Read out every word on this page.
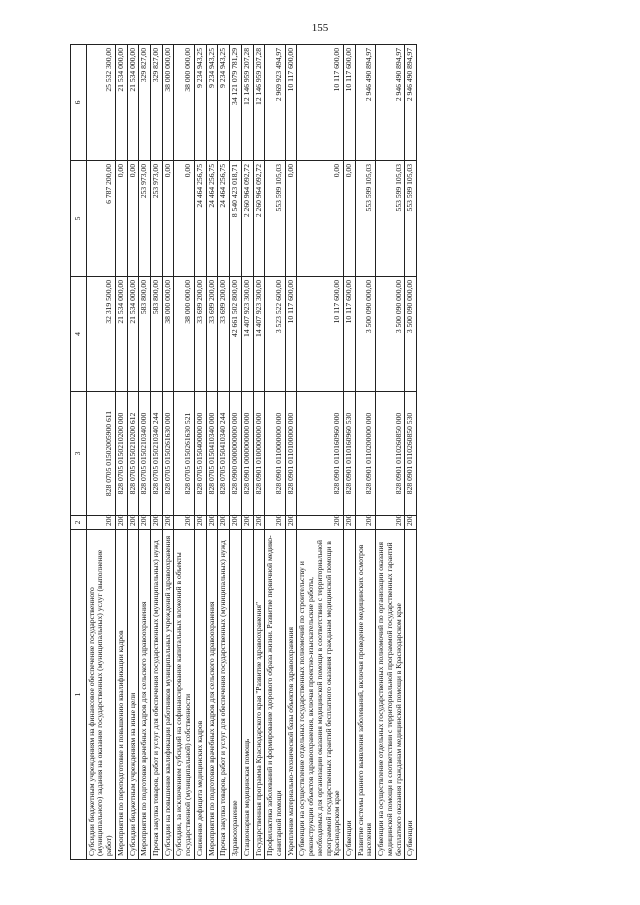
155
1	2	3	4	5	6
Субсидии бюджетным учреждениям на финансовое обеспечение государственного (муниципального) задания на оказание государственных (муниципальных) услуг (выполнение работ)	200	828 0705 01502005900 611	32 319 500,00	6 787 200,00	25 532 300,00
Мероприятия по переподготовке и повышению квалификации кадров	200	828 0705 0150210200 000	21 534 000,00	0,00	21 534 000,00
Субсидии бюджетным учреждениям на иные цели	200	828 0705 0150210200 612	21 534 000,00	0,00	21 534 000,00
Мероприятия по подготовке врачебных кадров для сельского здравоохранения	200	828 0705 0150210340 000	583 800,00	253 973,00	329 827,00
Прочая закупка товаров, работ и услуг для обеспечения государственных (муниципальных) нужд	200	828 0705 0150210340 244	583 800,00	253 973,00	329 827,00
Субсидии на повышение квалификации работников муниципальных учреждений здравоохранения	200	828 0705 0150261630 000	38 000 000,00	0,00	38 000 000,00
Субсидии, за исключением субсидий на софинансирование капитальных вложений в объекты государственной (муниципальной) собственности	200	828 0705 0150261630 521	38 000 000,00	0,00	38 000 000,00
Снижение дефицита медицинских кадров	200	828 0705 0150400000 000	33 699 200,00	24 464 256,75	9 234 943,25
Мероприятия по подготовке врачебных кадров для сельского здравоохранения	200	828 0705 0150410340 000	33 699 200,00	24 464 256,75	9 234 943,25
Прочая закупка товаров, работ и услуг для обеспечения государственных (муниципальных) нужд	200	828 0705 0150410340 244	33 699 200,00	24 464 256,75	9 234 943,25
Здравоохранение	200	828 0900 0000000000 000	42 661 502 800,00	8 540 423 018,71	34 121 079 781,29
Стационарная медицинская помощь	200	828 0901 0000000000 000	14 407 923 300,00	2 260 964 092,72	12 146 959 207,28
Государственная программа Краснодарского края "Развитие здравоохранения"	200	828 0901 0100000000 000	14 407 923 300,00	2 260 964 092,72	12 146 959 207,28
Профилактика заболеваний и формирование здорового образа жизни. Развитие первичной медико-санитарной помощи	200	828 0901 0110000000 000	3 523 522 600,00	553 599 105,03	2 969 923 494,97
Укрепление материально-технической базы объектов здравоохранения	200	828 0901 0110100000 000	10 117 600,00	0,00	10 117 600,00
Субвенции на осуществление отдельных государственных полномочий по строительству и реконструкции объектов здравоохранения, включая проектно-изыскательские работы, необходимых для организации оказания медицинской помощи в соответствии с территориальной программой государственных гарантий бесплатного оказания гражданам медицинской помощи в Краснодарском крае	200	828 0901 0110160960 000	10 117 600,00	0,00	10 117 600,00
Субвенции	200	828 0901 0110160960 530	10 117 600,00	0,00	10 117 600,00
Развитие системы раннего выявления заболеваний, включая проведение медицинских осмотров населения	200	828 0901 0110200000 000	3 500 090 000,00	553 599 105,03	2 946 490 894,97
Субвенции на осуществление отдельных государственных полномочий по организации оказания медицинской помощи в соответствии с территориальной программой государственных гарантий бесплатного оказания гражданам медицинской помощи в Краснодарском крае	200	828 0901 0110260850 000	3 500 090 000,00	553 599 105,03	2 946 490 894,97
Субвенции	200	828 0901 0110260850 530	3 500 090 000,00	553 599 105,03	2 946 490 894,97
